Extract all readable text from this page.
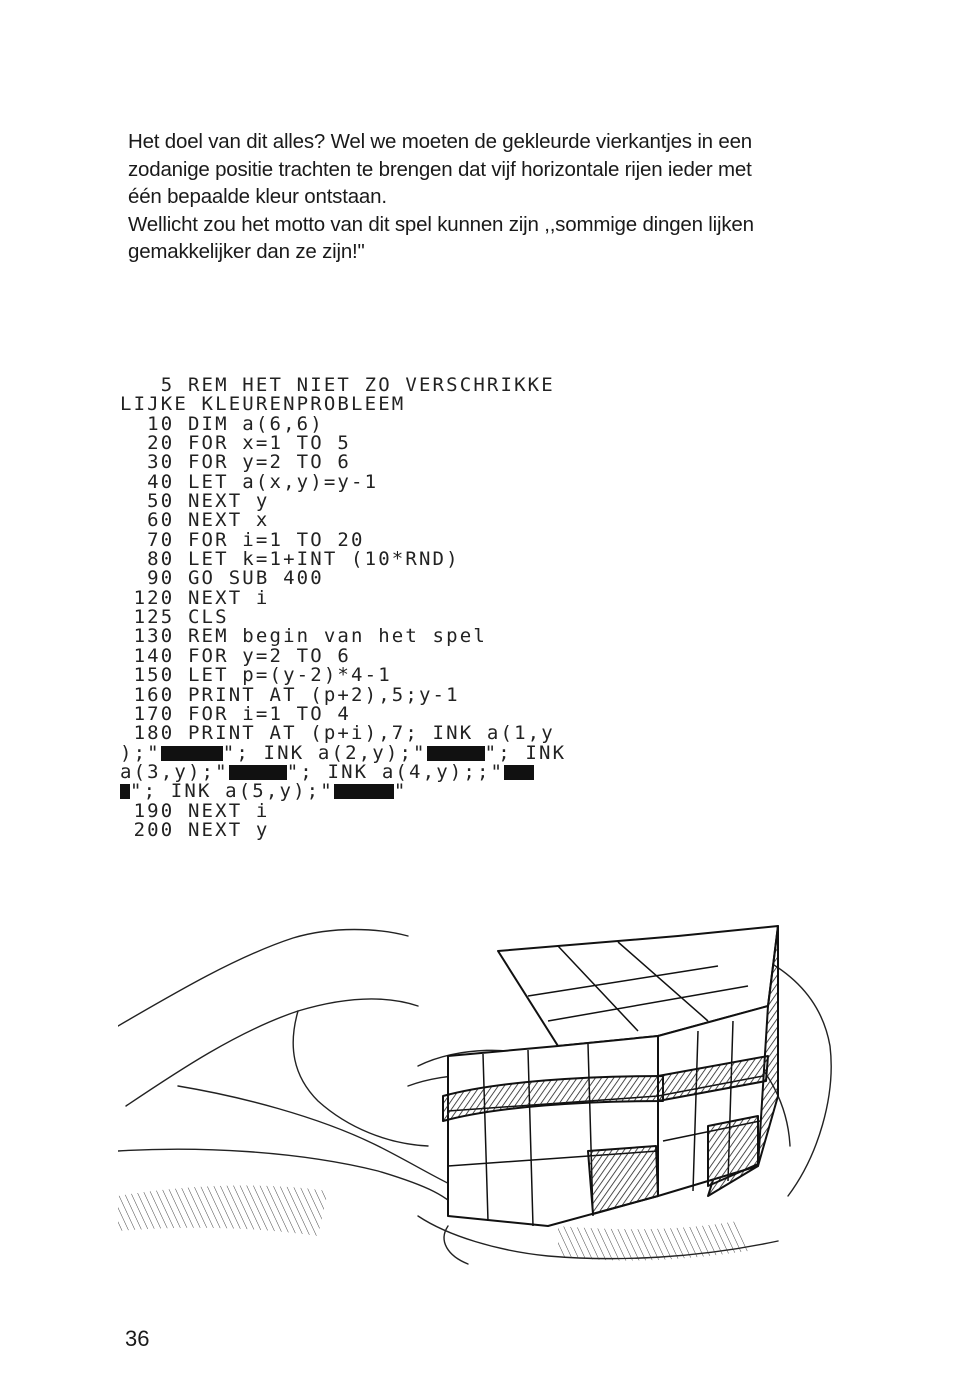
Het doel van dit alles? Wel we moeten de gekleurde vierkantjes in een
zodanige positie trachten te brengen dat vijf horizontale rijen ieder met
één bepaalde kleur ontstaan.
Wellicht zou het motto van dit spel kunnen zijn ,,sommige dingen lijken
gemakkelijker dan ze zijn!"
5 REM HET NIET ZO VERSCHRIKKE
LIJKE KLEURENPROBLEEM
10 DIM a(6,6)
20 FOR x=1 TO 5
30 FOR y=2 TO 6
40 LET a(x,y)=y-1
50 NEXT y
60 NEXT x
70 FOR i=1 TO 20
80 LET k=1+INT (10*RND)
90 GO SUB 400
120 NEXT i
125 CLS
130 REM begin van het spel
140 FOR y=2 TO 6
150 LET p=(y-2)*4-1
160 PRINT AT (p+2),5;y-1
170 FOR i=1 TO 4
180 PRINT AT (p+i),7; INK a(1,y
);"	"; INK a(2,y);"	"; INK
a(3,y);"	"; INK a(4,y);;"
"; INK a(5,y);"	"
190 NEXT i
200 NEXT y
36
